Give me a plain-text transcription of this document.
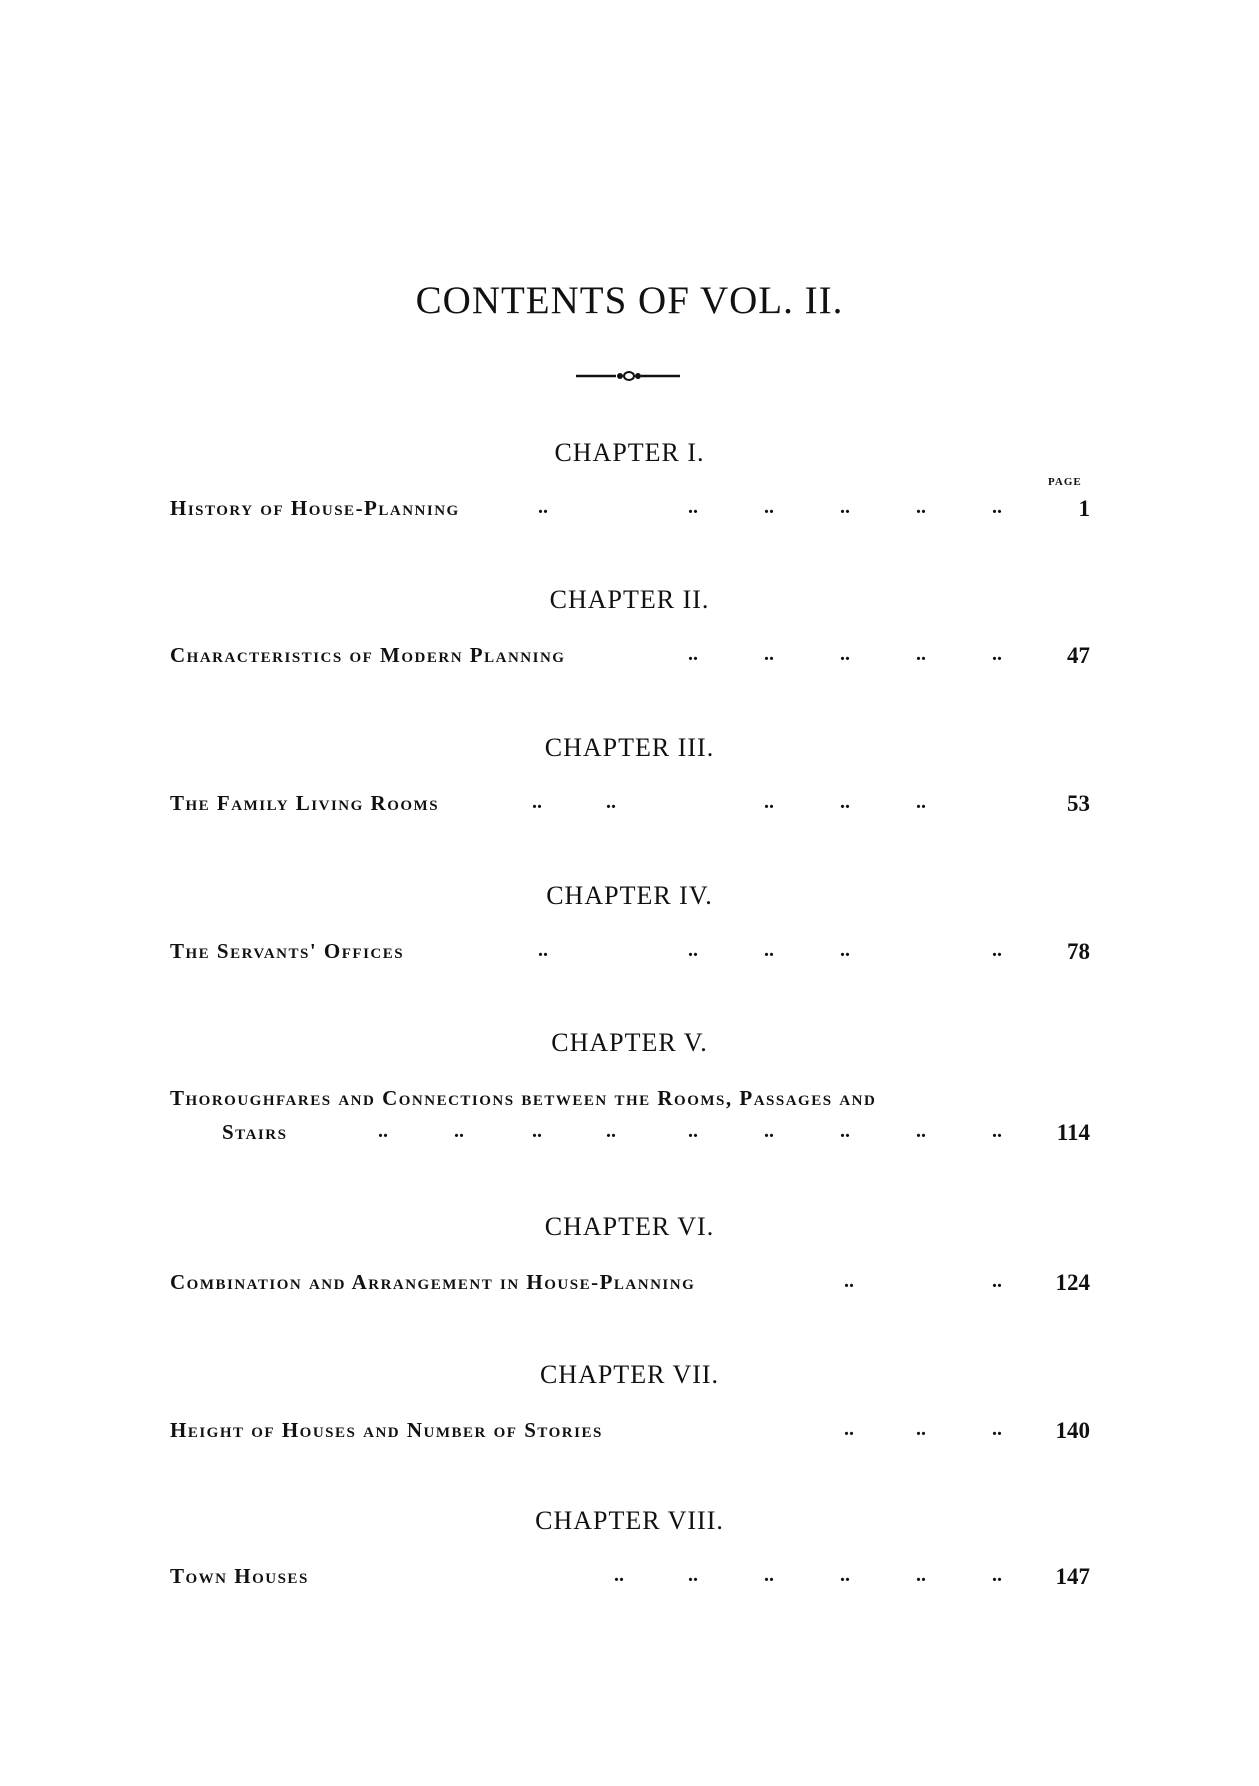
CONTENTS OF VOL. II.
PAGE
CHAPTER I.
History of House-Planning	..	..	..	..	..	..	1
CHAPTER II.
Characteristics of Modern Planning	..	..	..	..	..	47
CHAPTER III.
The Family Living Rooms	..	..	..	..	..	53
CHAPTER IV.
The Servants' Offices	..	..	..	..	..	78
CHAPTER V.
Thoroughfares and Connections between the Rooms, Passages and
Stairs	..	..	..	..	..	..	..	..	.. 114
CHAPTER VI.
Combination and Arrangement in House-Planning	..	.. 124
CHAPTER VII.
Height of Houses and Number of Stories	..	..	.. 140
CHAPTER VIII.
Town Houses	..	..	..	..	..	.. 147
